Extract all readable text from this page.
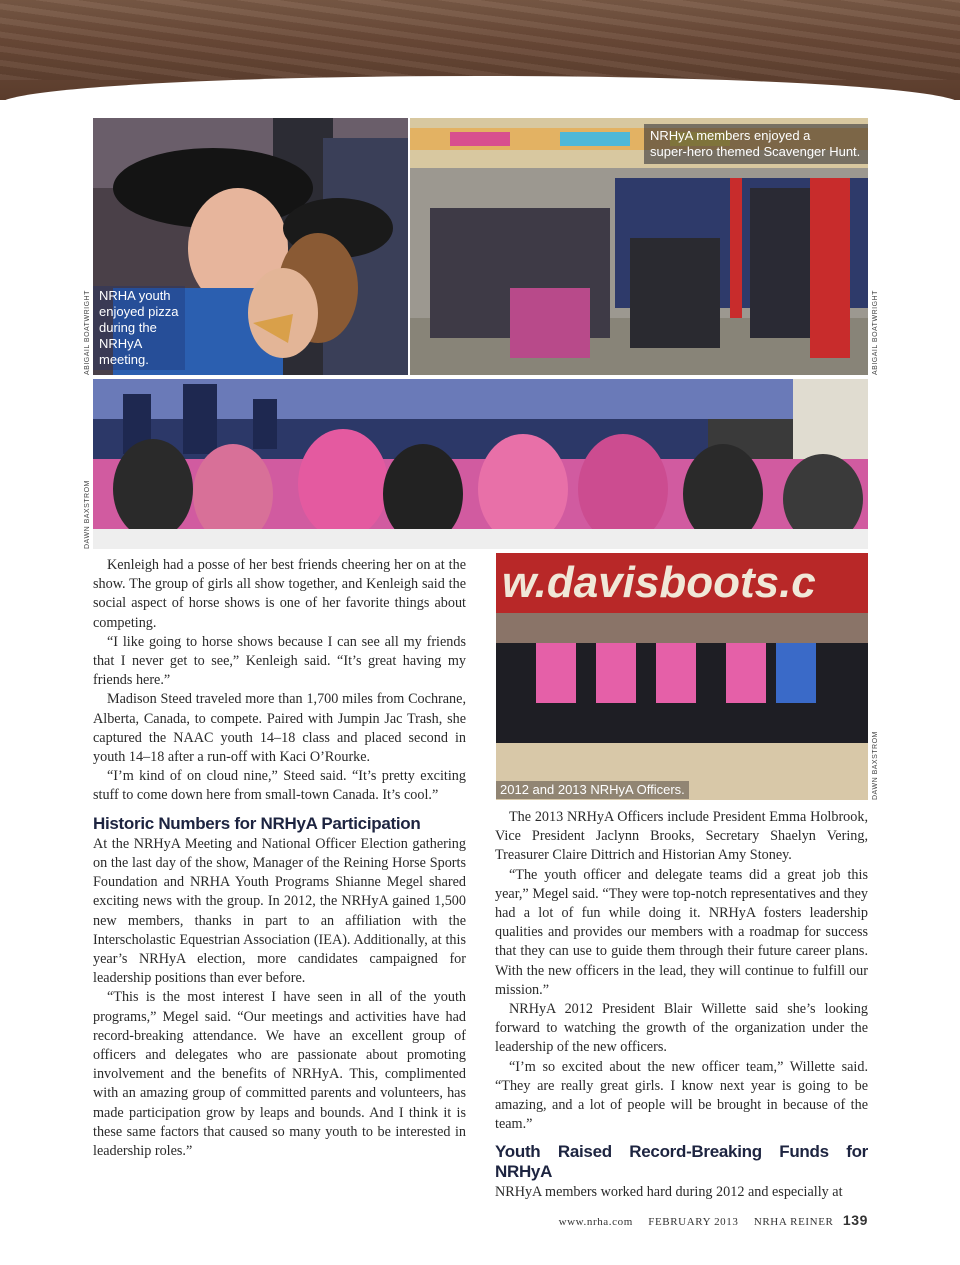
NRHA youth
enjoyed pizza
during the
NRHyA
meeting.
ABIGAIL BOATWRIGHT
NRHyA members enjoyed a
super-hero themed Scavenger Hunt.
ABIGAIL BOATWRIGHT
DAWN BAXSTROM
w.davisboots.c
2012 and 2013 NRHyA Officers.	DAWN BAXSTROM

Kenleigh had a posse of her best friends cheering her on at the show. The group of girls all show together, and Kenleigh said the social aspect of horse shows is one of her favorite things about competing.

“I like going to horse shows because I can see all my friends that I never get to see,” Kenleigh said. “It’s great having my friends here.”

Madison Steed traveled more than 1,700 miles from Cochrane, Alberta, Canada, to compete. Paired with Jumpin Jac Trash, she captured the NAAC youth 14–18 class and placed second in youth 14–18 after a run-off with Kaci O’Rourke.

“I’m kind of on cloud nine,” Steed said. “It’s pretty exciting stuff to come down here from small-town Canada. It’s cool.”

Historic Numbers for NRHyA Participation

At the NRHyA Meeting and National Officer Election gathering on the last day of the show, Manager of the Reining Horse Sports Foundation and NRHA Youth Programs Shianne Megel shared exciting news with the group. In 2012, the NRHyA gained 1,500 new members, thanks in part to an affiliation with the Interscholastic Equestrian Association (IEA). Additionally, at this year’s NRHyA election, more candidates campaigned for leadership positions than ever before.

“This is the most interest I have seen in all of the youth programs,” Megel said. “Our meetings and activities have had record-breaking attendance. We have an excellent group of officers and delegates who are passionate about promoting involvement and the benefits of NRHyA. This, complimented with an amazing group of committed parents and volunteers, has made participation grow by leaps and bounds. And I think it is these same factors that caused so many youth to be interested in leadership roles.”

The 2013 NRHyA Officers include President Emma Holbrook, Vice President Jaclynn Brooks, Secretary Shaelyn Vering, Treasurer Claire Dittrich and Historian Amy Stoney.

“The youth officer and delegate teams did a great job this year,” Megel said. “They were top-notch representatives and they had a lot of fun while doing it. NRHyA fosters leadership qualities and provides our members with a roadmap for success that they can use to guide them through their future career plans. With the new officers in the lead, they will continue to fulfill our mission.”

NRHyA 2012 President Blair Willette said she’s looking forward to watching the growth of the organization under the leadership of the new officers.

“I’m so excited about the new officer team,” Willette said. “They are really great girls. I know next year is going to be amazing, and a lot of people will be brought in because of the team.”

Youth Raised Record-Breaking Funds for NRHyA

NRHyA members worked hard during 2012 and especially at

www.nrha.com FEBRUARY 2013 NRHA REINER 139
